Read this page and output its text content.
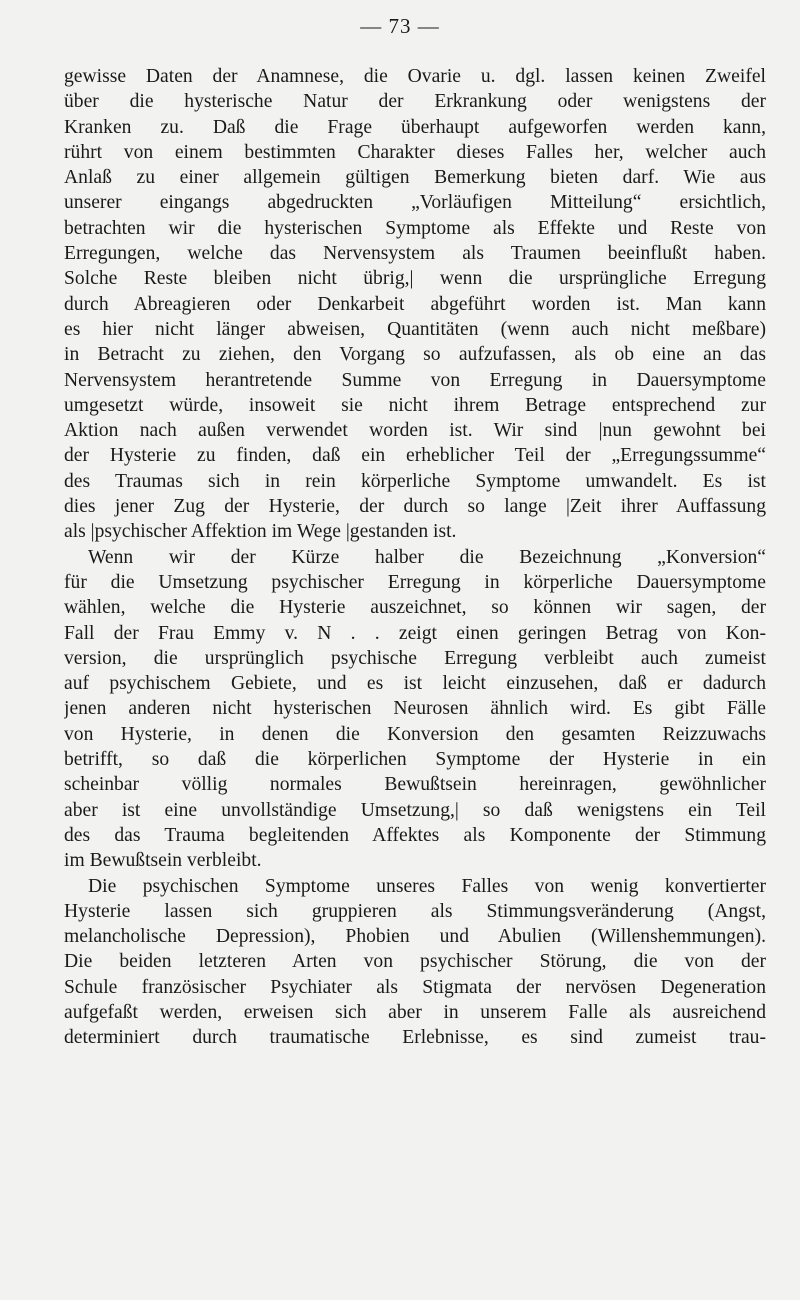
— 73 —
gewisse Daten der Anamnese, die Ovarie u. dgl. lassen keinen Zweifel
über die hysterische Natur der Erkrankung oder wenigstens der
Kranken zu. Daß die Frage überhaupt aufgeworfen werden kann,
rührt von einem bestimmten Charakter dieses Falles her, welcher auch
Anlaß zu einer allgemein gültigen Bemerkung bieten darf. Wie aus
unserer eingangs abgedruckten „Vorläufigen Mitteilung“ ersichtlich,
betrachten wir die hysterischen Symptome als Effekte und Reste von
Erregungen, welche das Nervensystem als Traumen beeinflußt haben.
Solche Reste bleiben nicht übrig,| wenn die ursprüngliche Erregung
durch Abreagieren oder Denkarbeit abgeführt worden ist. Man kann
es hier nicht länger abweisen, Quantitäten (wenn auch nicht meßbare)
in Betracht zu ziehen, den Vorgang so aufzufassen, als ob eine an das
Nervensystem herantretende Summe von Erregung in Dauersymptome
umgesetzt würde, insoweit sie nicht ihrem Betrage entsprechend zur
Aktion nach außen verwendet worden ist. Wir sind |nun gewohnt bei
der Hysterie zu finden, daß ein erheblicher Teil der „Erregungssumme“
des Traumas sich in rein körperliche Symptome umwandelt. Es ist
dies jener Zug der Hysterie, der durch so lange |Zeit ihrer Auffassung
als |psychischer Affektion im Wege |gestanden ist.
Wenn wir der Kürze halber die Bezeichnung „Konversion“
für die Umsetzung psychischer Erregung in körperliche Dauersymptome
wählen, welche die Hysterie auszeichnet, so können wir sagen, der
Fall der Frau Emmy v. N . . zeigt einen geringen Betrag von Kon-
version, die ursprünglich psychische Erregung verbleibt auch zumeist
auf psychischem Gebiete, und es ist leicht einzusehen, daß er dadurch
jenen anderen nicht hysterischen Neurosen ähnlich wird. Es gibt Fälle
von Hysterie, in denen die Konversion den gesamten Reizzuwachs
betrifft, so daß die körperlichen Symptome der Hysterie in ein
scheinbar völlig normales Bewußtsein hereinragen, gewöhnlicher
aber ist eine unvollständige Umsetzung,| so daß wenigstens ein Teil
des das Trauma begleitenden Affektes als Komponente der Stimmung
im Bewußtsein verbleibt.
Die psychischen Symptome unseres Falles von wenig konvertierter
Hysterie lassen sich gruppieren als Stimmungsveränderung (Angst,
melancholische Depression), Phobien und Abulien (Willenshemmungen).
Die beiden letzteren Arten von psychischer Störung, die von der
Schule französischer Psychiater als Stigmata der nervösen Degeneration
aufgefaßt werden, erweisen sich aber in unserem Falle als ausreichend
determiniert durch traumatische Erlebnisse, es sind zumeist trau-
